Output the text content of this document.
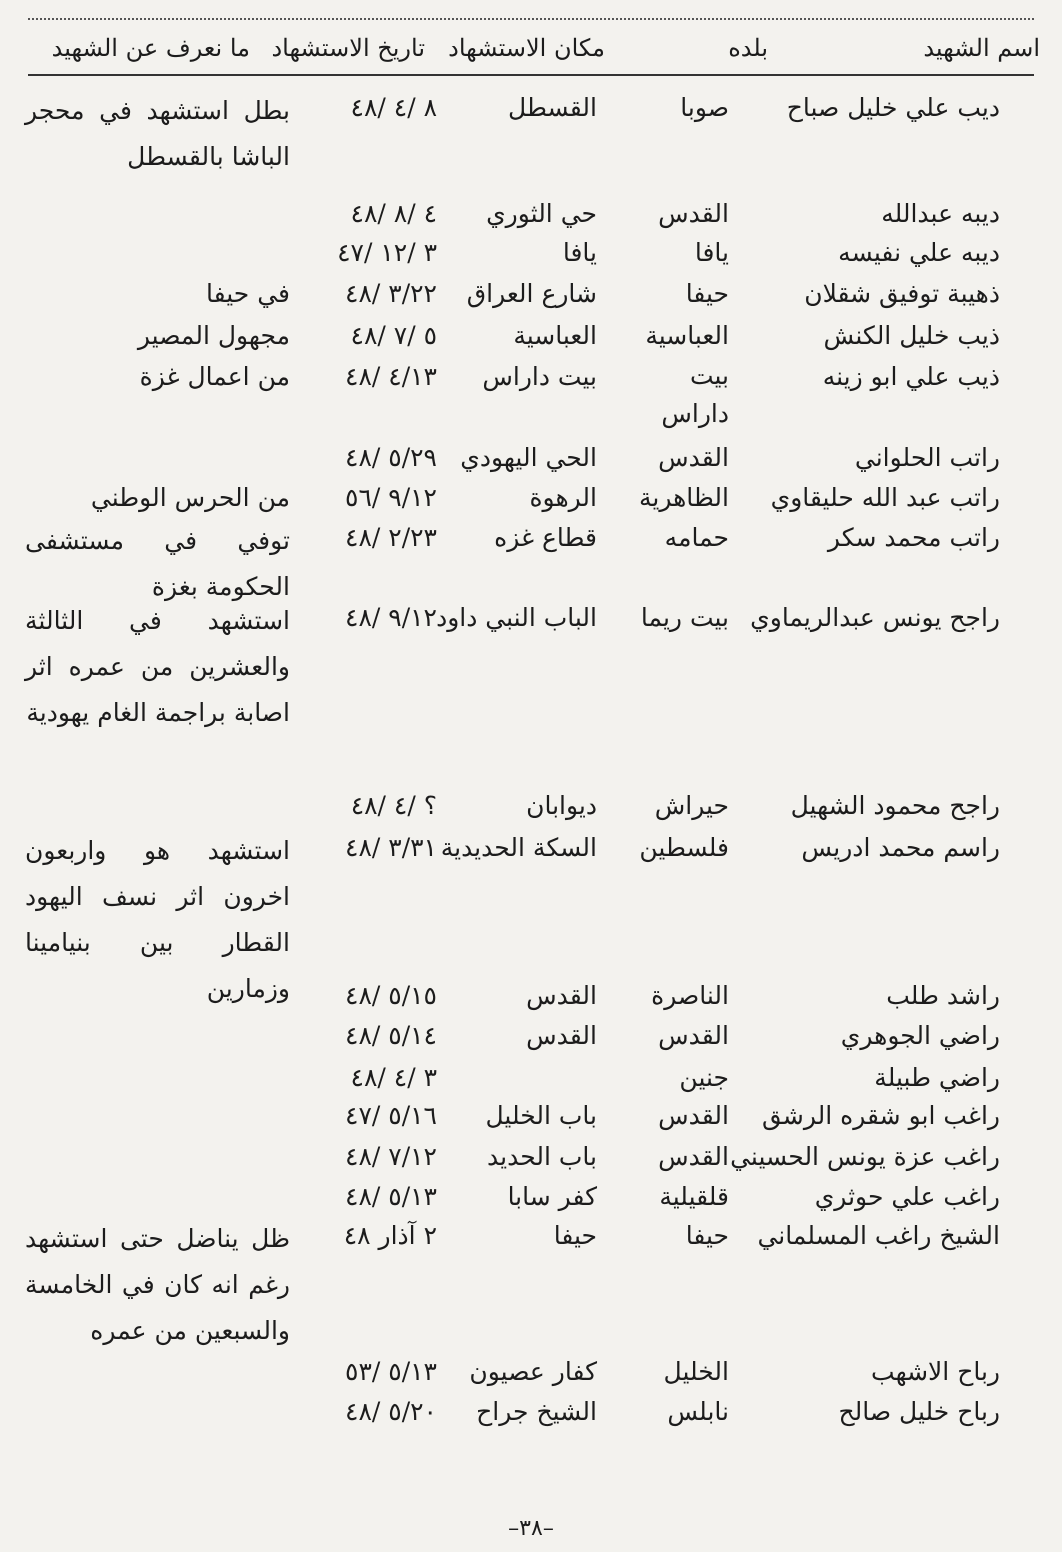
اسم الشهيد
بلده
مكان الاستشهاد
تاريخ الاستشهاد
ما نعرف عن الشهيد
ديب علي خليل صباح
صوبا
القسطل
٨ /٤ /٤٨
بطل استشهد في محجر الباشا بالقسطل
ديبه عبدالله
القدس
حي الثوري
٤ /٨ /٤٨
ديبه علي نفيسه
يافا
يافا
٣ /١٢ /٤٧
ذهيبة توفيق شقلان
حيفا
شارع العراق
٣/٢٢ /٤٨
في حيفا
ذيب خليل الكنش
العباسية
العباسية
٥ /٧ /٤٨
مجهول المصير
ذيب علي ابو زينه
بيت داراس
بيت داراس
٤/١٣ /٤٨
من اعمال غزة
راتب الحلواني
القدس
الحي اليهودي
٥/٢٩ /٤٨
راتب عبد الله حليقاوي
الظاهرية
الرهوة
٩/١٢ /٥٦
من الحرس الوطني
راتب محمد سكر
حمامه
قطاع غزه
٢/٢٣ /٤٨
توفي في مستشفى الحكومة بغزة
راجح يونس عبدالريماوي
بيت ريما
الباب النبي داود
٩/١٢ /٤٨
استشهد في الثالثة والعشرين من عمره اثر اصابة براجمة الغام يهودية
راجح محمود الشهيل
حيراش
ديوابان
؟ /٤ /٤٨
راسم محمد ادريس
فلسطين
السكة الحديدية
٣/٣١ /٤٨
استشهد هو واربعون اخرون اثر نسف اليهود القطار بين بنيامينا وزمارين	راشد طلب
الناصرة
القدس
٥/١٥ /٤٨
راضي الجوهري
القدس
القدس
٥/١٤ /٤٨
راضي طبيلة
جنين
٣ /٤ /٤٨
راغب ابو شقره الرشق
القدس
باب الخليل
٥/١٦ /٤٧
راغب عزة يونس الحسيني
القدس
باب الحديد
٧/١٢ /٤٨
راغب علي حوثري
قلقيلية
كفر سابا
٥/١٣ /٤٨
الشيخ راغب المسلماني
حيفا
حيفا
٢ آذار ٤٨
ظل يناضل حتى استشهد رغم انه كان في الخامسة والسبعين من عمره
رباح الاشهب
الخليل
كفار عصيون
٥/١٣ /٥٣
رباح خليل صالح
نابلس
الشيخ جراح
٥/٢٠ /٤٨
–٣٨–
